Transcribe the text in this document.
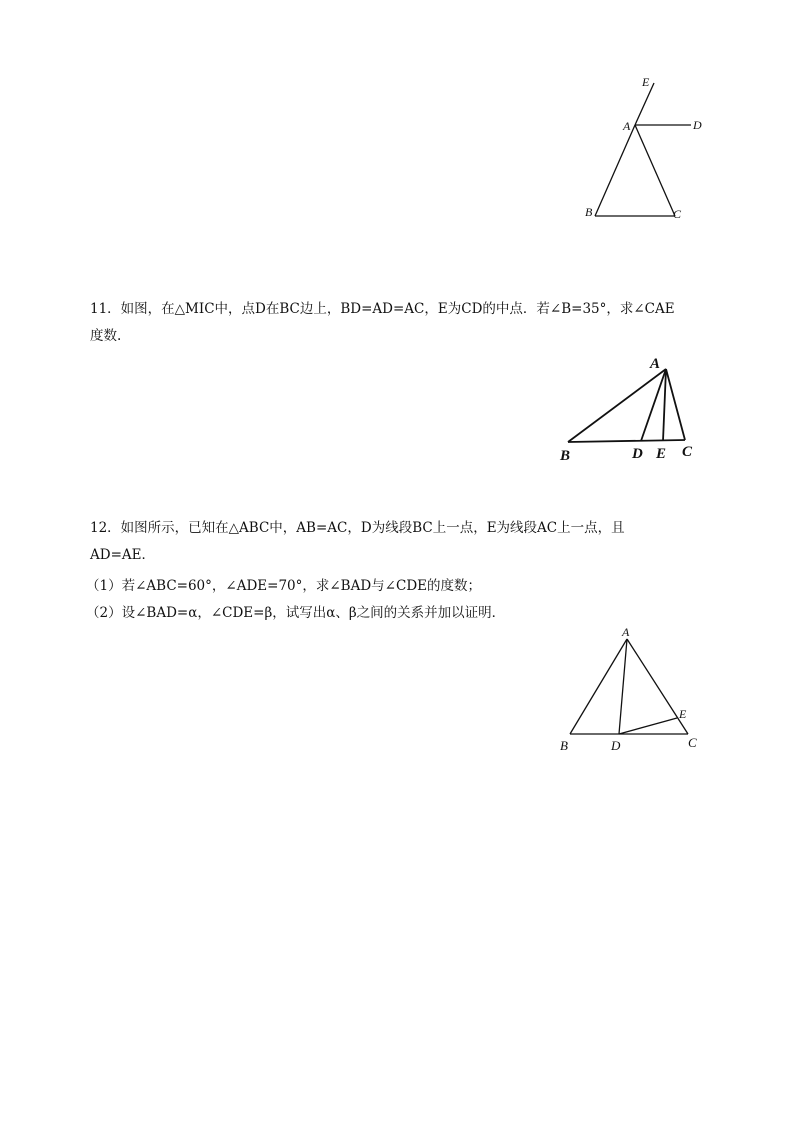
E
A	D
B	C
11．如图，在△MIC中，点D在BC边上，BD=AD=AC，E为CD的中点．若∠B=35°，求∠CAE
度数.
A
B	D E C
12．如图所示，已知在△ABC中，AB=AC，D为线段BC上一点，E为线段AC上一点，且
AD=AE．
（1）若∠ABC=60°，∠ADE=70°，求∠BAD与∠CDE的度数；
（2）设∠BAD=α，∠CDE=β，试写出α、β之间的关系并加以证明．
A
E
B	D	C
